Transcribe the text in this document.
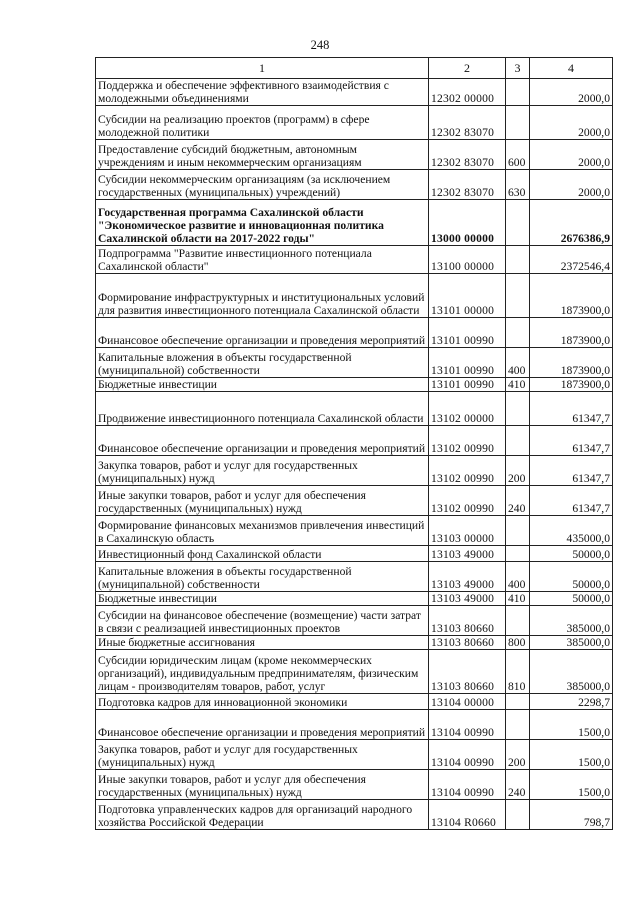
248
1	2	3	4
Поддержка и обеспечение эффективного взаимодействия с молодежными объединениями	12302 00000		2000,0
Субсидии на реализацию проектов (программ) в сфере молодежной политики	12302 83070		2000,0
Предоставление субсидий бюджетным, автономным учреждениям и иным некоммерческим организациям	12302 83070	600	2000,0
Субсидии некоммерческим организациям (за исключением государственных (муниципальных) учреждений)	12302 83070	630	2000,0
Государственная программа Сахалинской области "Экономическое развитие и инновационная политика Сахалинской области на 2017-2022 годы"	13000 00000		2676386,9
Подпрограмма "Развитие инвестиционного потенциала Сахалинской области"	13100 00000		2372546,4
Формирование инфраструктурных и институциональных условий для развития инвестиционного потенциала Сахалинской области	13101 00000		1873900,0
Финансовое обеспечение организации и проведения мероприятий	13101 00990		1873900,0
Капитальные вложения в объекты государственной (муниципальной) собственности	13101 00990	400	1873900,0
Бюджетные инвестиции	13101 00990	410	1873900,0
Продвижение инвестиционного потенциала Сахалинской области	13102 00000		61347,7
Финансовое обеспечение организации и проведения мероприятий	13102 00990		61347,7
Закупка товаров, работ и услуг для государственных (муниципальных) нужд	13102 00990	200	61347,7
Иные закупки товаров, работ и услуг для обеспечения государственных (муниципальных) нужд	13102 00990	240	61347,7
Формирование финансовых механизмов привлечения инвестиций в Сахалинскую область	13103 00000		435000,0
Инвестиционный фонд Сахалинской области	13103 49000		50000,0
Капитальные вложения в объекты государственной (муниципальной) собственности	13103 49000	400	50000,0
Бюджетные инвестиции	13103 49000	410	50000,0
Субсидии на финансовое обеспечение (возмещение) части затрат в связи с реализацией инвестиционных проектов	13103 80660		385000,0
Иные бюджетные ассигнования	13103 80660	800	385000,0
Субсидии юридическим лицам (кроме некоммерческих организаций), индивидуальным предпринимателям, физическим лицам - производителям товаров, работ, услуг	13103 80660	810	385000,0
Подготовка кадров для инновационной экономики	13104 00000		2298,7
Финансовое обеспечение организации и проведения мероприятий	13104 00990		1500,0
Закупка товаров, работ и услуг для государственных (муниципальных) нужд	13104 00990	200	1500,0
Иные закупки товаров, работ и услуг для обеспечения государственных (муниципальных) нужд	13104 00990	240	1500,0
Подготовка управленческих кадров для организаций народного хозяйства Российской Федерации	13104 R0660		798,7
